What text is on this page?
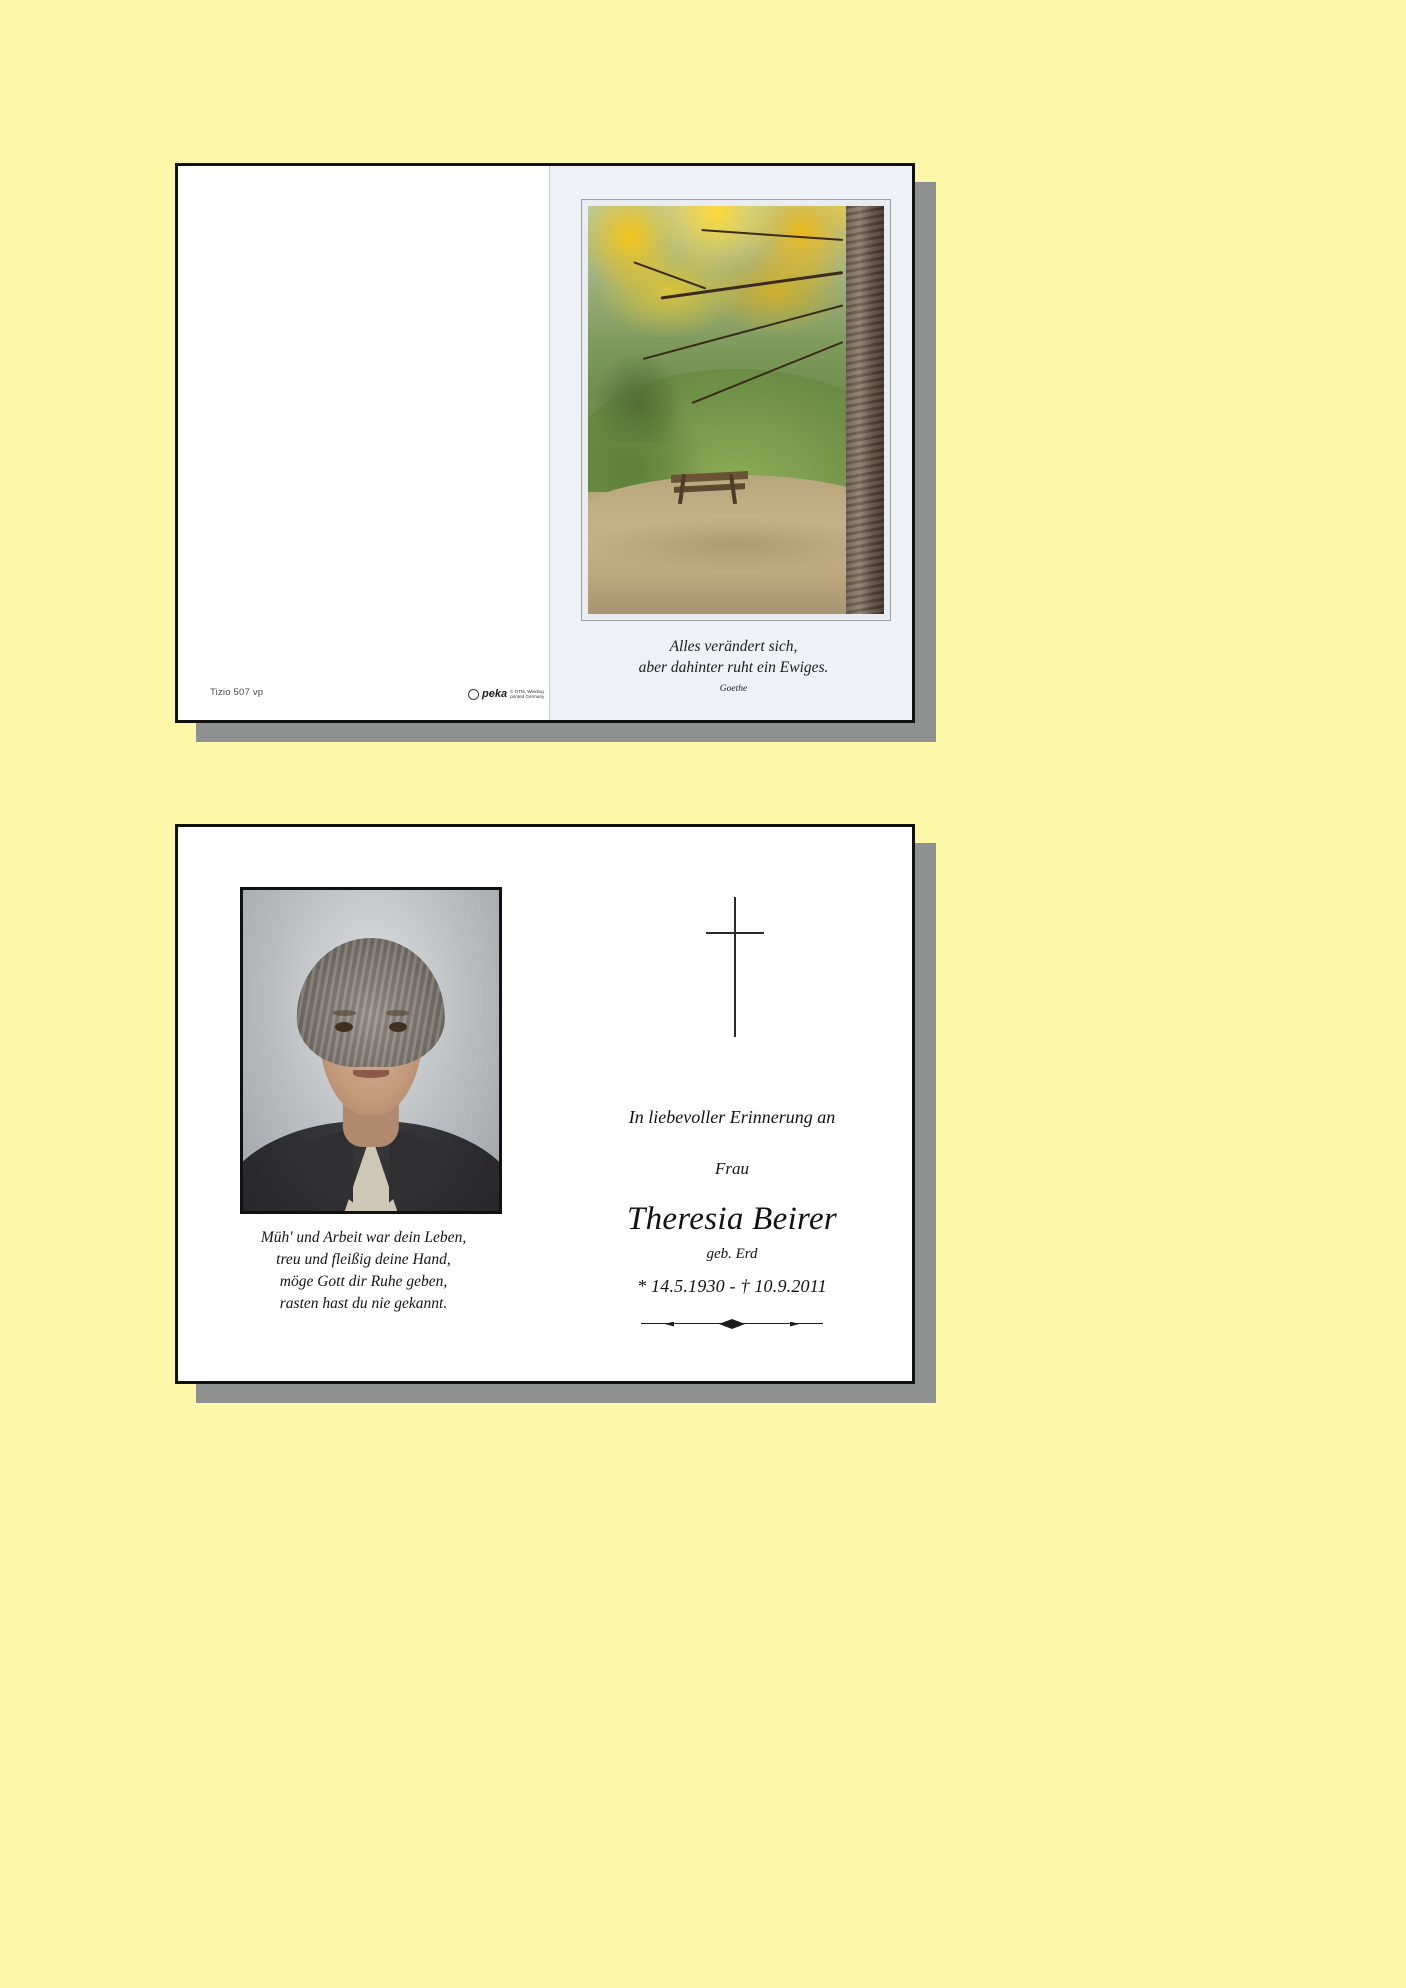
Alles verändert sich,
aber dahinter ruht ein Ewiges.
Goethe
Tizio 507 vp	peka © DTM, Weiding
printed Germany
Müh' und Arbeit war dein Leben,
treu und fleißig deine Hand,
möge Gott dir Ruhe geben,
rasten hast du nie gekannt.
In liebevoller Erinnerung an
Frau
Theresia Beirer
geb. Erd
* 14.5.1930 - † 10.9.2011
